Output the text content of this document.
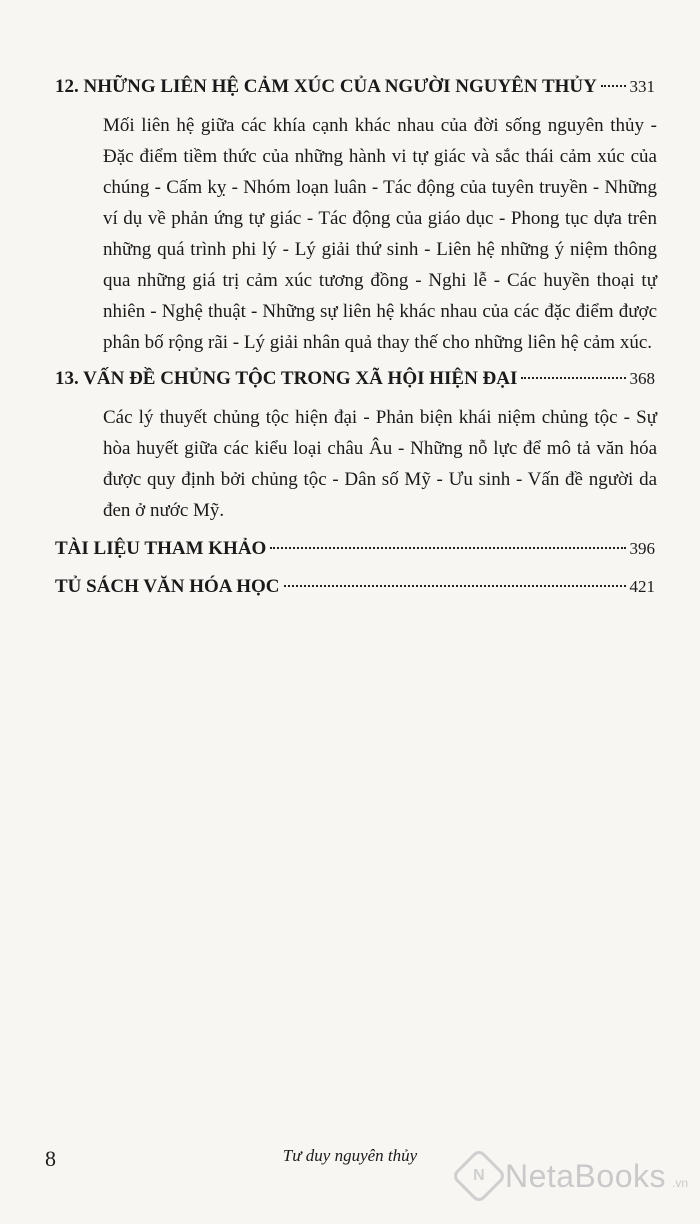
12. NHỮNG LIÊN HỆ CẢM XÚC CỦA NGƯỜI NGUYÊN THỦY 331
Mối liên hệ giữa các khía cạnh khác nhau của đời sống nguyên thủy - Đặc điểm tiềm thức của những hành vi tự giác và sắc thái cảm xúc của chúng - Cấm kỵ - Nhóm loạn luân - Tác động của tuyên truyền - Những ví dụ về phản ứng tự giác - Tác động của giáo dục - Phong tục dựa trên những quá trình phi lý - Lý giải thứ sinh - Liên hệ những ý niệm thông qua những giá trị cảm xúc tương đồng - Nghi lễ - Các huyền thoại tự nhiên - Nghệ thuật - Những sự liên hệ khác nhau của các đặc điểm được phân bố rộng rãi - Lý giải nhân quả thay thế cho những liên hệ cảm xúc.
13. VẤN ĐỀ CHỦNG TỘC TRONG XÃ HỘI HIỆN ĐẠI	368
Các lý thuyết chủng tộc hiện đại - Phản biện khái niệm chủng tộc - Sự hòa huyết giữa các kiểu loại châu Âu - Những nỗ lực để mô tả văn hóa được quy định bởi chủng tộc - Dân số Mỹ - Ưu sinh - Vấn đề người da đen ở nước Mỹ.
TÀI LIỆU THAM KHẢO	396
TỦ SÁCH VĂN HÓA HỌC	421
8	Tư duy nguyên thủy
N NetaBooks .vn
